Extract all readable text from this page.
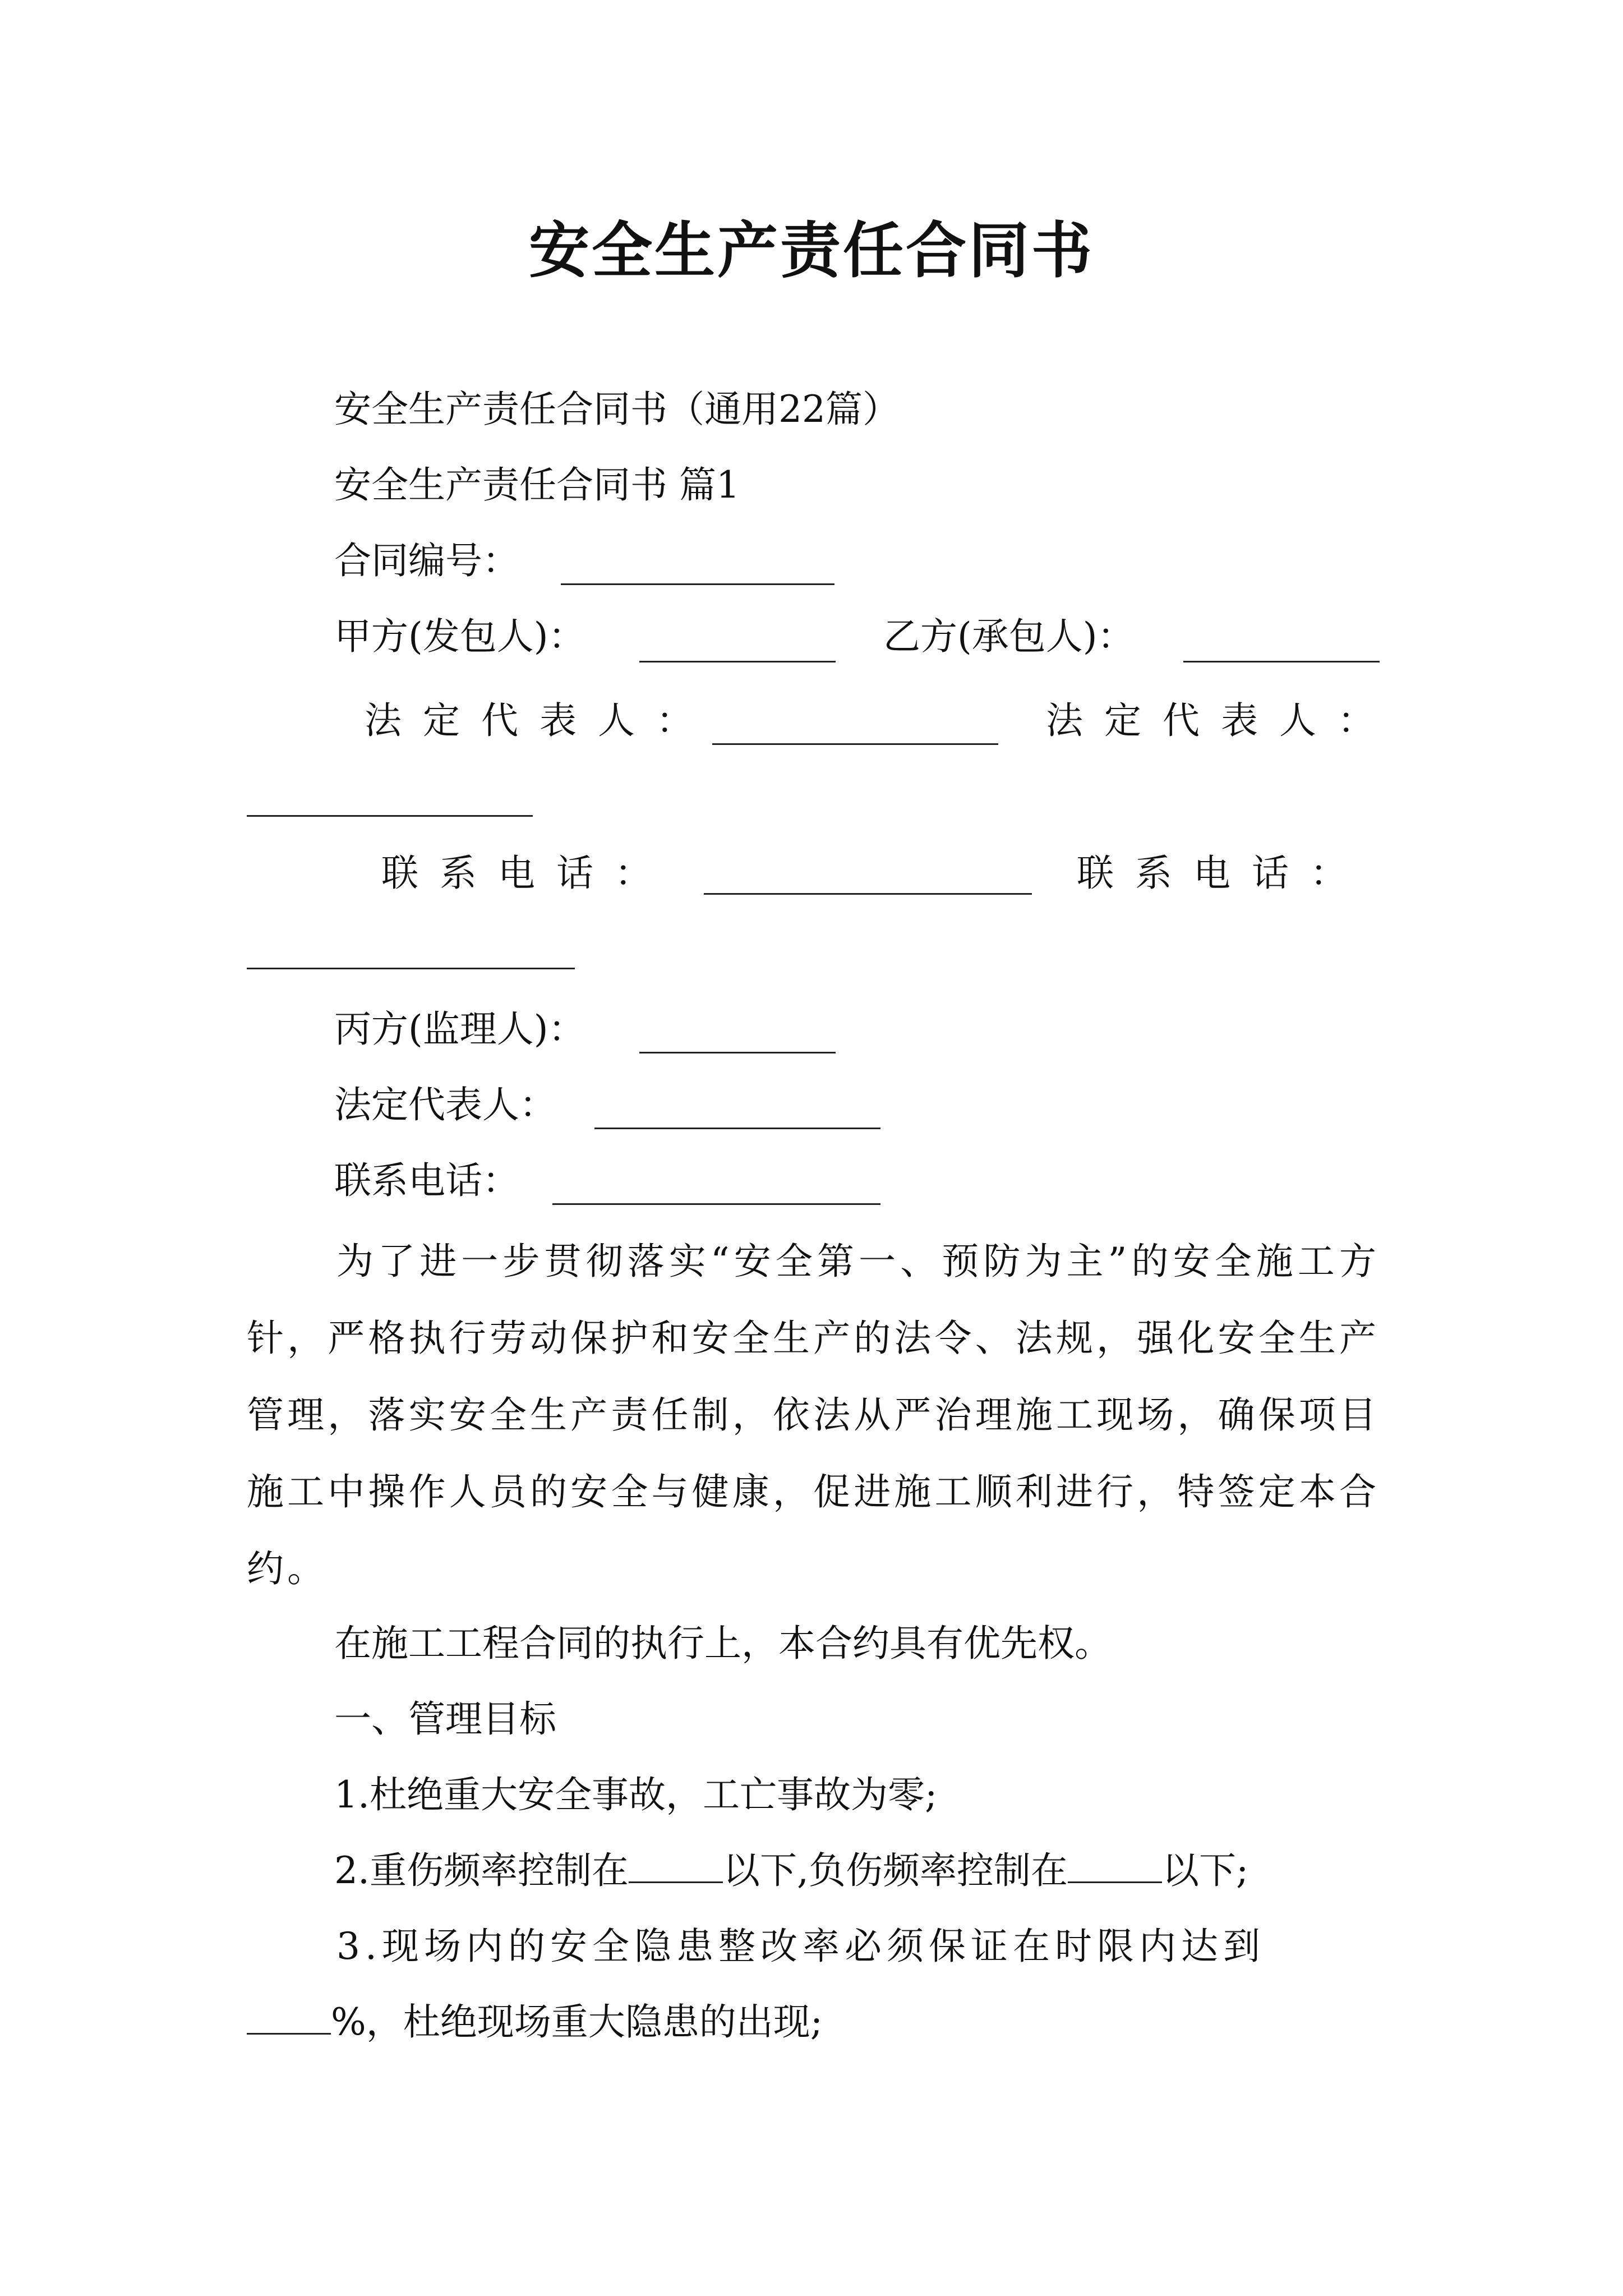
安全生产责任合同书
安全生产责任合同书（通用22篇）
安全生产责任合同书 篇1
合同编号：
甲方(发包人)：	乙方(承包人)：
法定代表人：	法定代表人：
联系电话：	联系电话：
丙方(监理人)：
法定代表人：
联系电话：
为了进一步贯彻落实“安全第一、预防为主”的安全施工方针，严格执行劳动保护和安全生产的法令、法规，强化安全生产管理，落实安全生产责任制，依法从严治理施工现场，确保项目施工中操作人员的安全与健康，促进施工顺利进行，特签定本合约。
在施工工程合同的执行上，本合约具有优先权。
一、管理目标
1.杜绝重大安全事故，工亡事故为零;
2.重伤频率控制在	以下,负伤频率控制在	以下;
3.现场内的安全隐患整改率必须保证在时限内达到
%，杜绝现场重大隐患的出现;
